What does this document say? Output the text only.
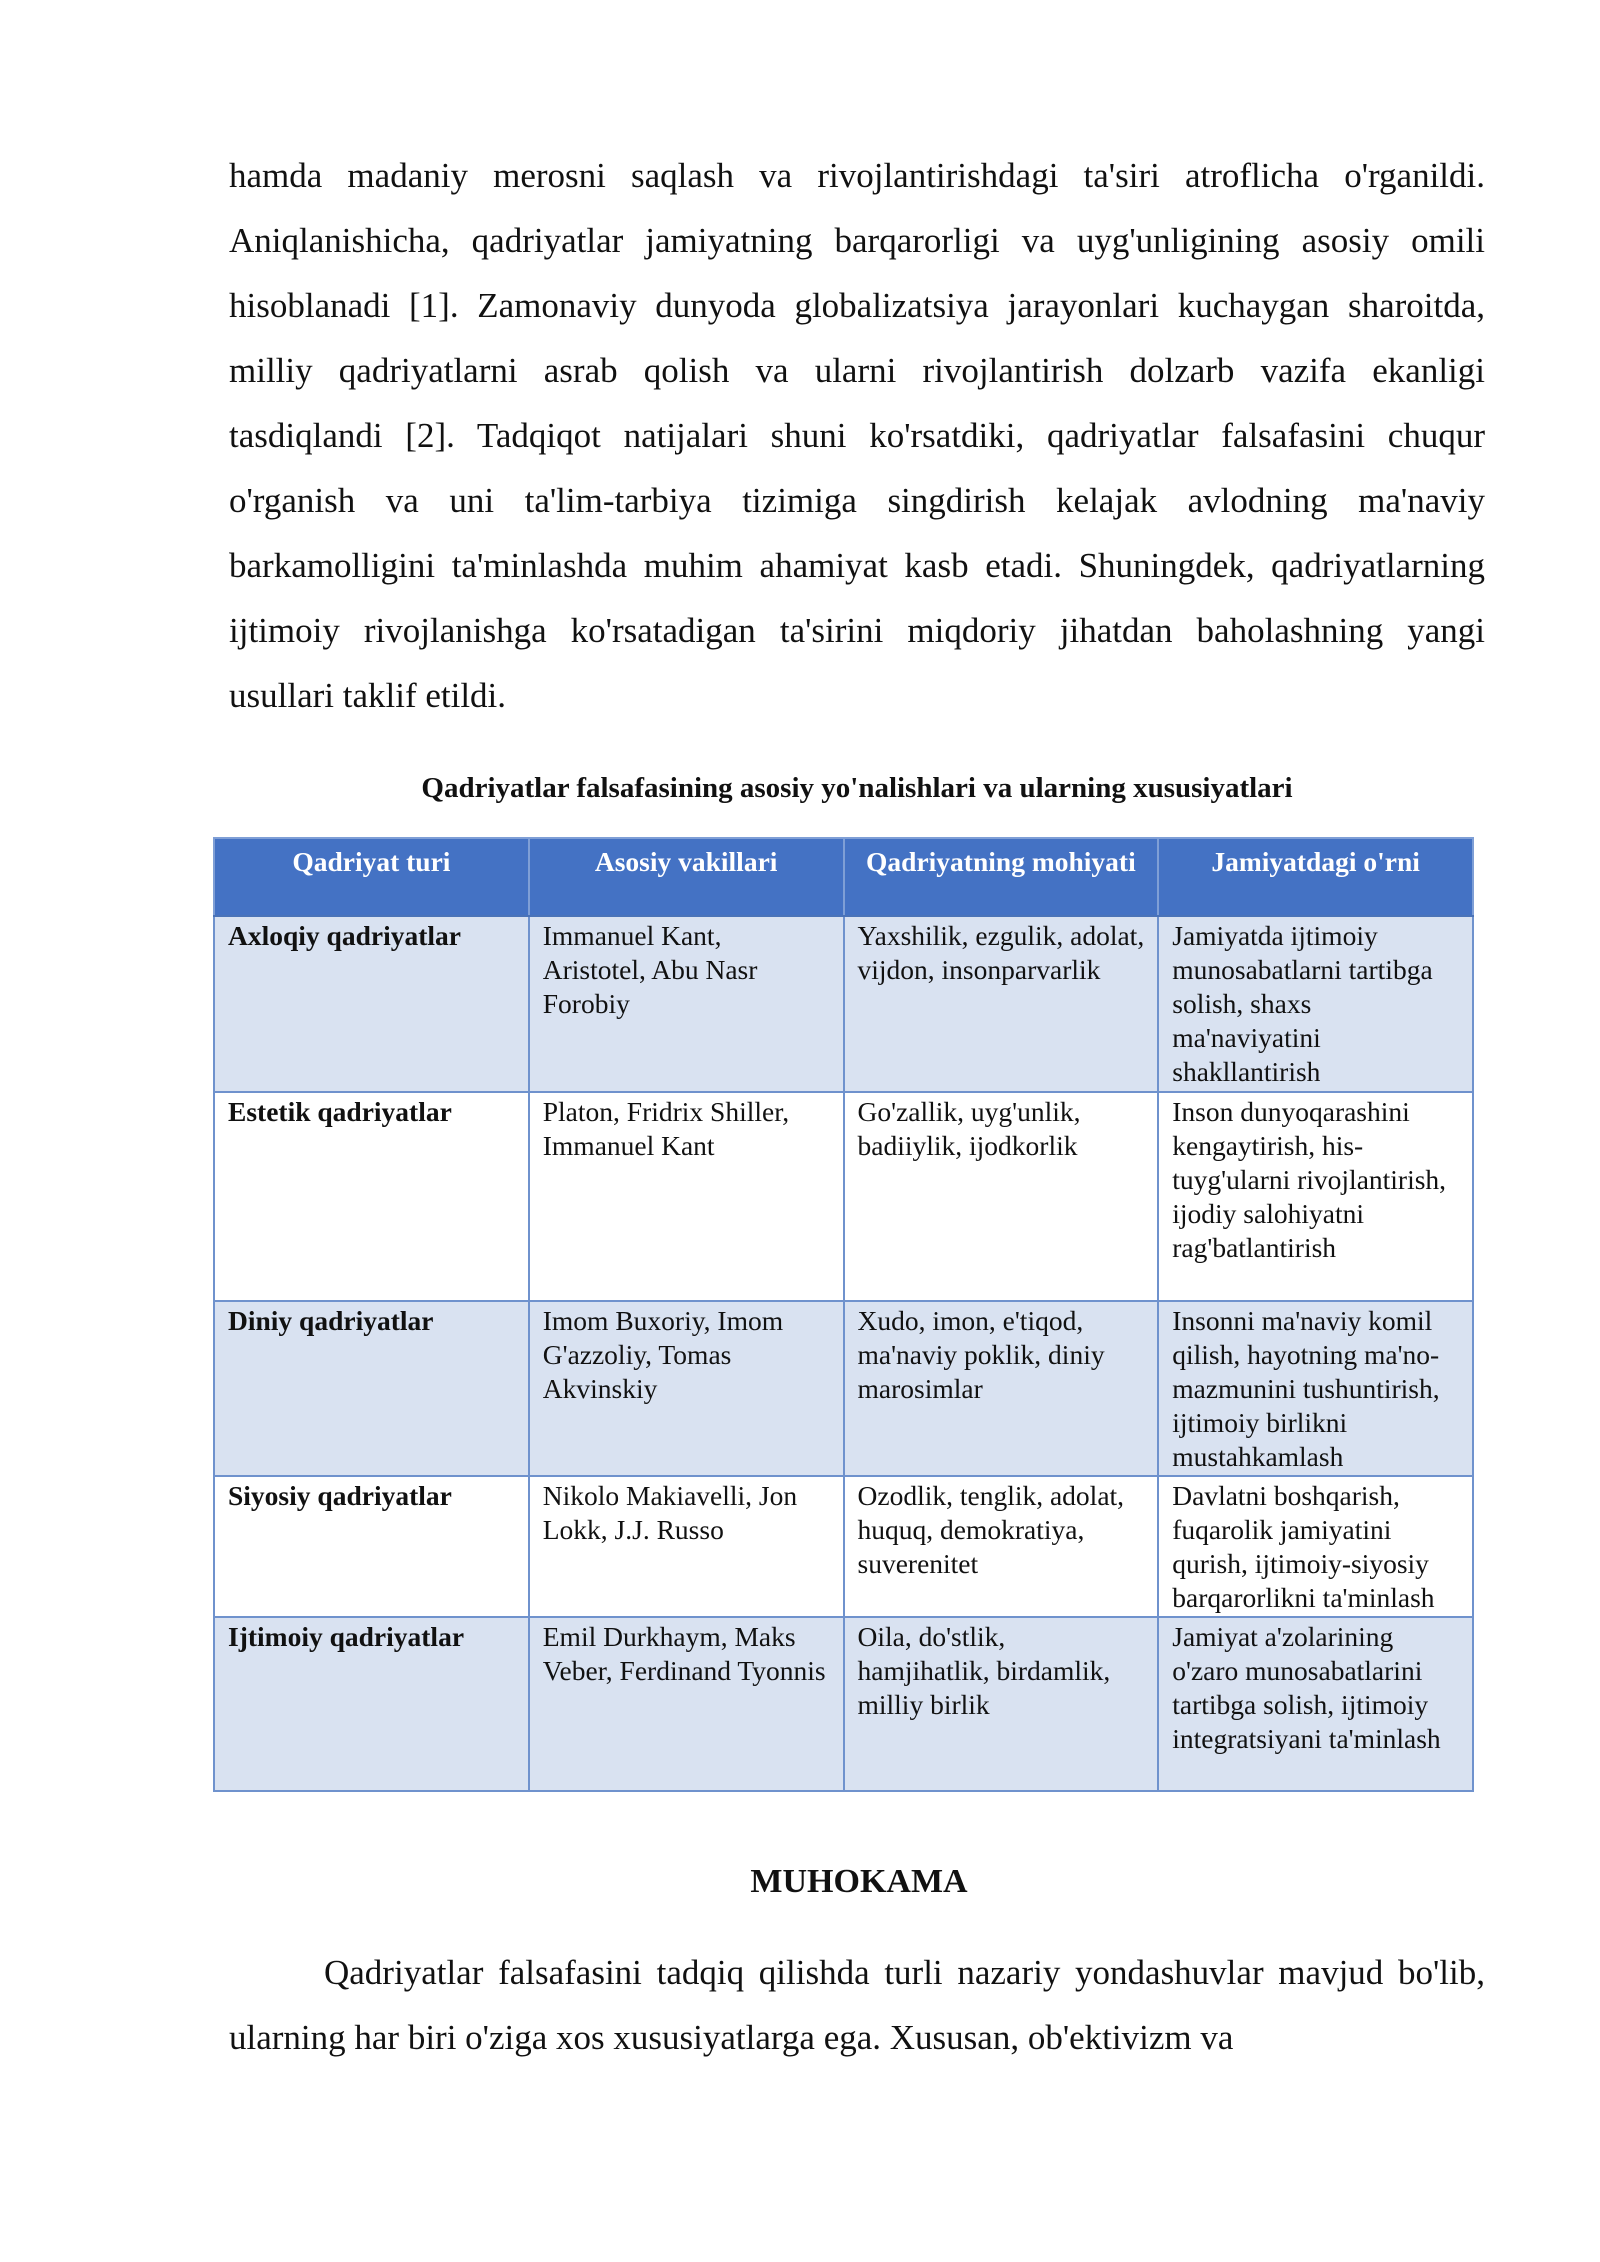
hamda madaniy merosni saqlash va rivojlantirishdagi ta'siri atroflicha o'rganildi. Aniqlanishicha, qadriyatlar jamiyatning barqarorligi va uyg'unligining asosiy omili hisoblanadi [1]. Zamonaviy dunyoda globalizatsiya jarayonlari kuchaygan sharoitda, milliy qadriyatlarni asrab qolish va ularni rivojlantirish dolzarb vazifa ekanligi tasdiqlandi [2]. Tadqiqot natijalari shuni ko'rsatdiki, qadriyatlar falsafasini chuqur o'rganish va uni ta'lim-tarbiya tizimiga singdirish kelajak avlodning ma'naviy barkamolligini ta'minlashda muhim ahamiyat kasb etadi. Shuningdek, qadriyatlarning ijtimoiy rivojlanishga ko'rsatadigan ta'sirini miqdoriy jihatdan baholashning yangi usullari taklif etildi.

Qadriyatlar falsafasining asosiy yo'nalishlari va ularning xususiyatlari

Qadriyat turi	Asosiy vakillari	Qadriyatning mohiyati	Jamiyatdagi o'rni
Axloqiy qadriyatlar	Immanuel Kant, Aristotel, Abu Nasr Forobiy	Yaxshilik, ezgulik, adolat, vijdon, insonparvarlik	Jamiyatda ijtimoiy munosabatlarni tartibga solish, shaxs ma'naviyatini shakllantirish
Estetik qadriyatlar	Platon, Fridrix Shiller, Immanuel Kant	Go'zallik, uyg'unlik, badiiylik, ijodkorlik	Inson dunyoqarashini kengaytirish, his-tuyg'ularni rivojlantirish, ijodiy salohiyatni rag'batlantirish
Diniy qadriyatlar	Imom Buxoriy, Imom G'azzoliy, Tomas Akvinskiy	Xudo, imon, e'tiqod, ma'naviy poklik, diniy marosimlar	Insonni ma'naviy komil qilish, hayotning ma'no-mazmunini tushuntirish, ijtimoiy birlikni mustahkamlash
Siyosiy qadriyatlar	Nikolo Makiavelli, Jon Lokk, J.J. Russo	Ozodlik, tenglik, adolat, huquq, demokratiya, suverenitet	Davlatni boshqarish, fuqarolik jamiyatini qurish, ijtimoiy-siyosiy barqarorlikni ta'minlash
Ijtimoiy qadriyatlar	Emil Durkhaym, Maks Veber, Ferdinand Tyonnis	Oila, do'stlik, hamjihatlik, birdamlik, milliy birlik	Jamiyat a'zolarining o'zaro munosabatlarini tartibga solish, ijtimoiy integratsiyani ta'minlash
MUHOKAMA

Qadriyatlar falsafasini tadqiq qilishda turli nazariy yondashuvlar mavjud bo'lib, ularning har biri o'ziga xos xususiyatlarga ega. Xususan, ob'ektivizm va
